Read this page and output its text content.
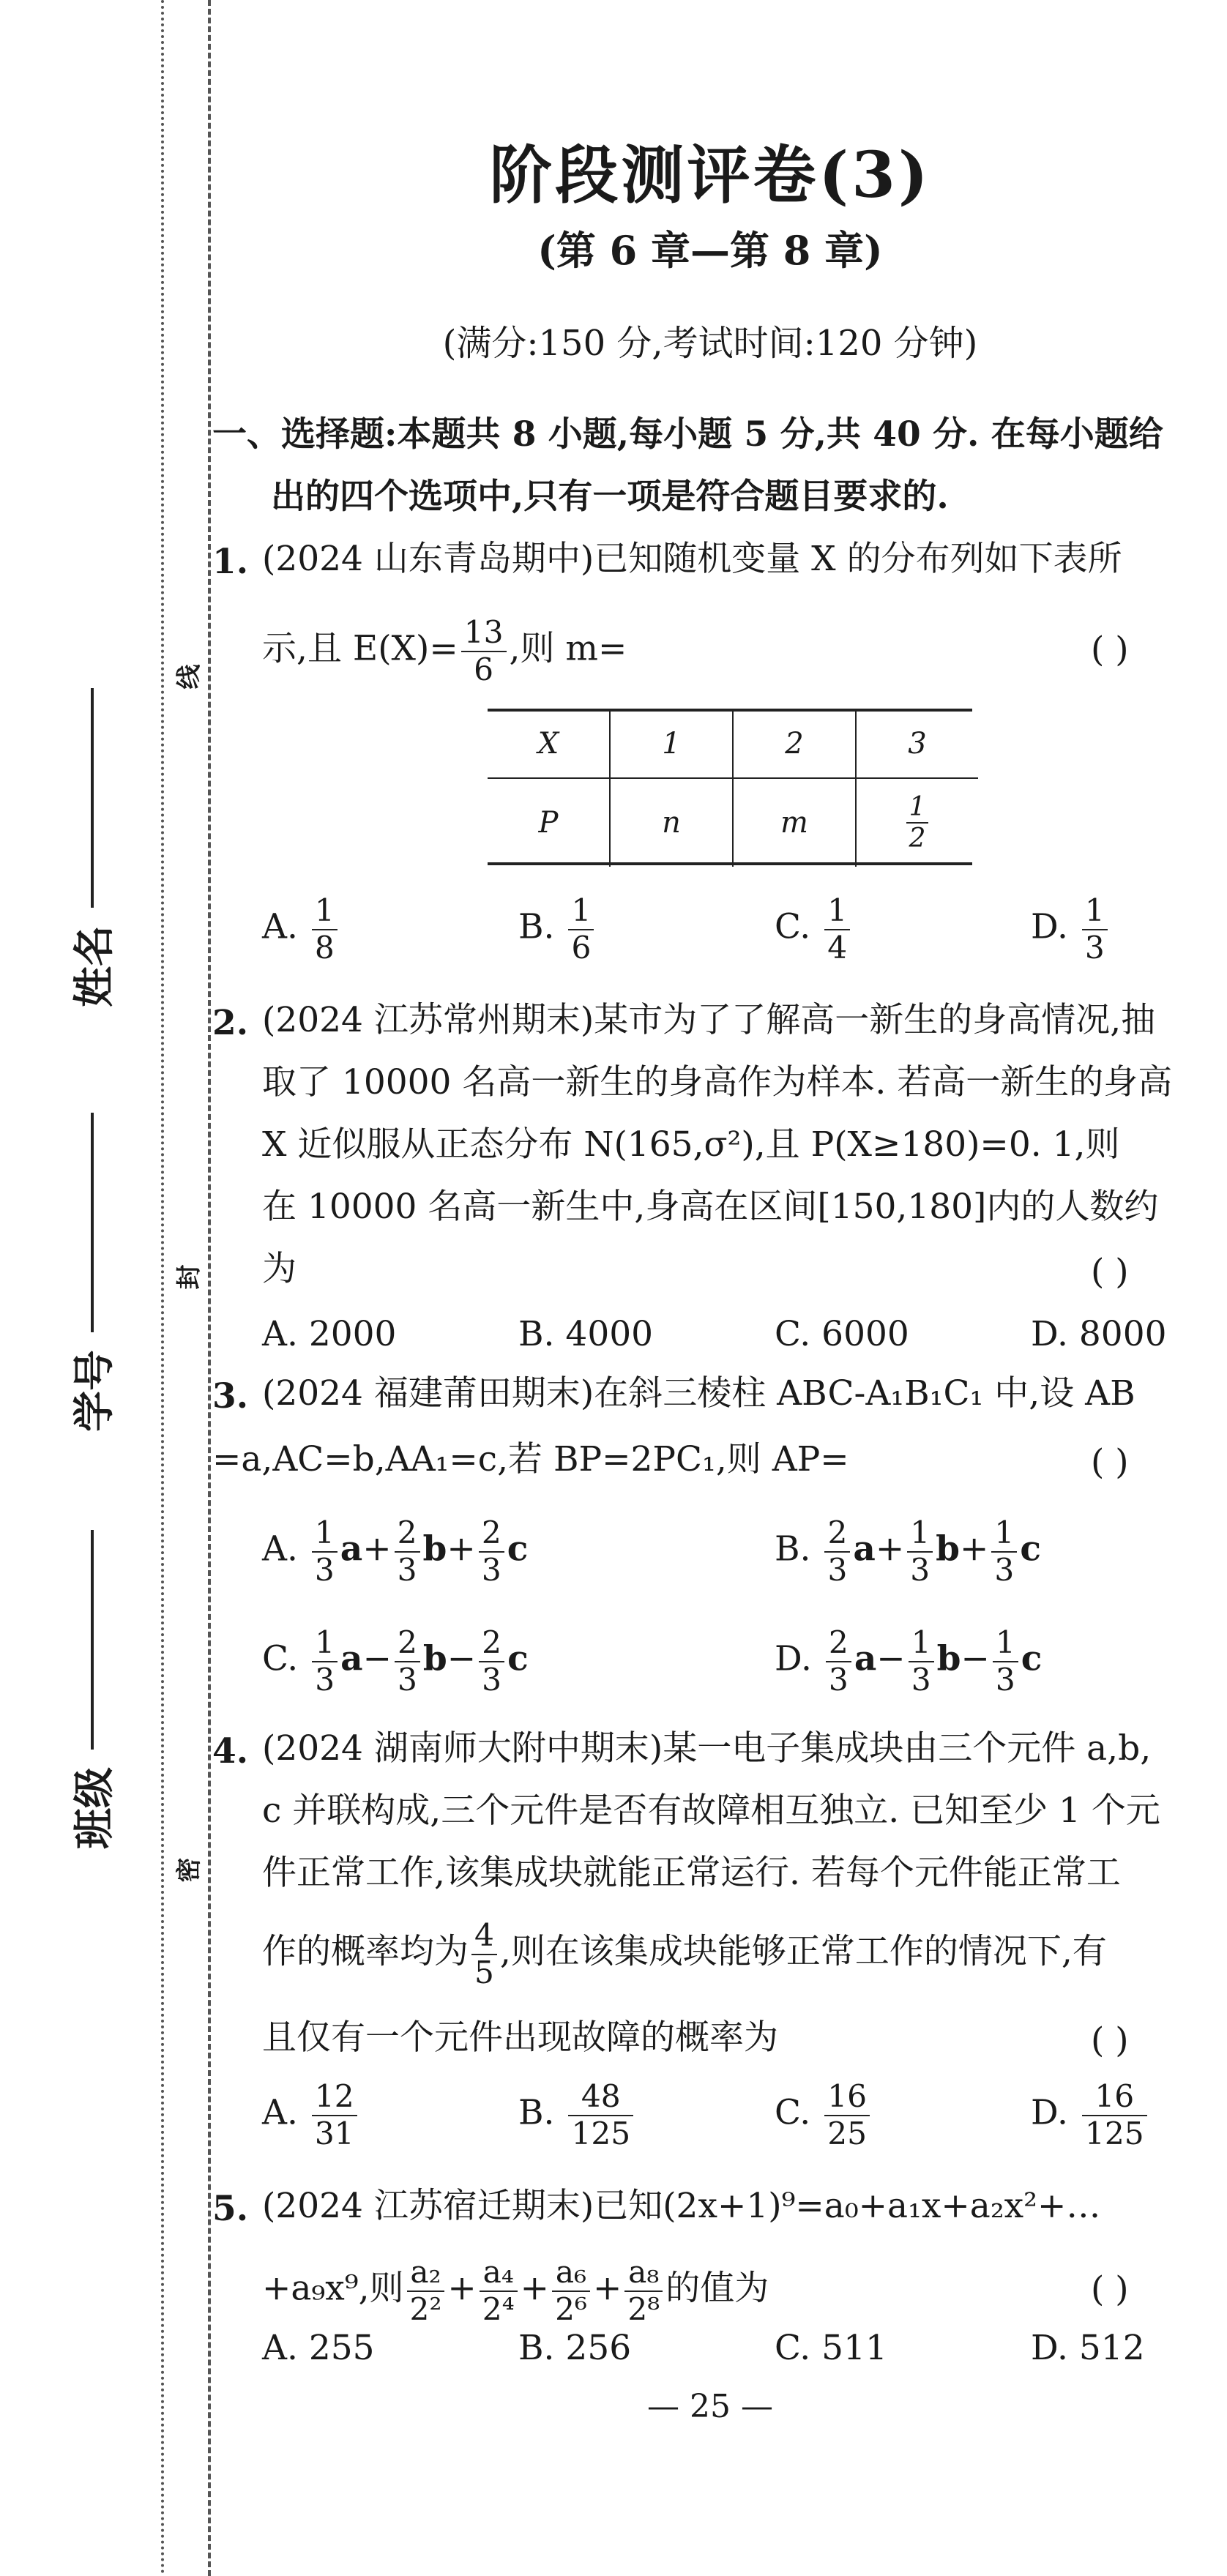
线
封
密
姓名
学号
班级
阶段测评卷(3)
(第 6 章—第 8 章)
(满分:150 分,考试时间:120 分钟)
一、选择题:本题共 8 小题,每小题 5 分,共 40 分. 在每小题给
出的四个选项中,只有一项是符合题目要求的.
1. (2024 山东青岛期中)已知随机变量 X 的分布列如下表所
示,且 $E(X)= \frac{13}{6}$ ,则 m=	( )
X	1	2	3
P	n	m	$\frac{1}{2}$
A. $\frac{1}{8}$	B. $\frac{1}{6}$	C. $\frac{1}{4}$	D. $\frac{1}{3}$
2. (2024 江苏常州期末)某市为了了解高一新生的身高情况,抽
取了 10000 名高一新生的身高作为样本. 若高一新生的身高
X 近似服从正态分布 N(165,σ²),且 P(X≥180)=0. 1,则
在 10000 名高一新生中,身高在区间[150,180]内的人数约
为	( )
A. 2000	B. 4000	C. 6000	D. 8000
3. (2024 福建莆田期末)在斜三棱柱 ABC-A₁B₁C₁ 中,设 AB
=a,AC=b,AA₁=c,若 BP=2PC₁,则 AP=	( )
A. $\frac{1}{3} a+ \frac{2}{3} b+ \frac{2}{3}$ c	B. $\frac{2}{3} a+ \frac{1}{3} b+ \frac{1}{3}$ c
C. $\frac{1}{3} a- \frac{2}{3} b- \frac{2}{3}$ c	D. $\frac{2}{3} a- \frac{1}{3} b- \frac{1}{3}$ c
4. (2024 湖南师大附中期末)某一电子集成块由三个元件 a,b,
c 并联构成,三个元件是否有故障相互独立. 已知至少 1 个元
件正常工作,该集成块就能正常运行. 若每个元件能正常工
作的概率均为 $\frac{4}{5}$ ,则在该集成块能够正常工作的情况下,有
且仅有一个元件出现故障的概率为	( )
A. $\frac{12}{31}$	B. $\frac{48}{125}$	C. $\frac{16}{25}$	D. $\frac{16}{125}$
5. (2024 江苏宿迁期末)已知(2x+1)⁹=a₀+a₁x+a₂x²+…
+a₉x⁹,则 $\frac{\text{a₂}}{\text{2²}} + \frac{\text{a₄}}{\text{2⁴}} + \frac{\text{a₆}}{\text{2⁶}} + \frac{\text{a₈}}{\text{2⁸}}$ 的值为	( )
A. 255	B. 256	C. 511	D. 512
— 25 —
